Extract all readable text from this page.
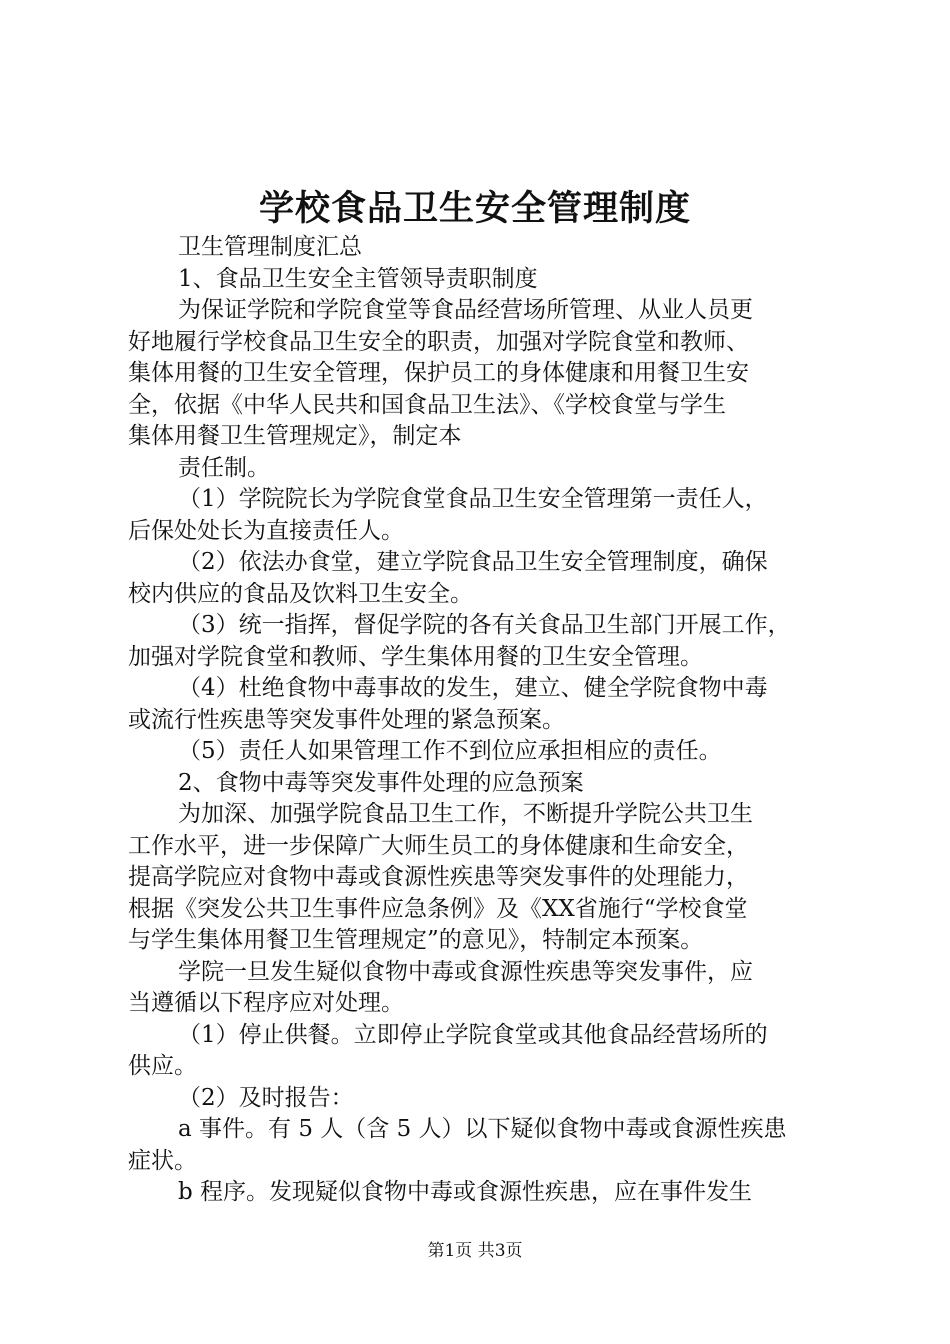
学校食品卫生安全管理制度

卫生管理制度汇总

1、食品卫生安全主管领导责职制度

为保证学院和学院食堂等食品经营场所管理、从业人员更

好地履行学校食品卫生安全的职责，加强对学院食堂和教师、

集体用餐的卫生安全管理，保护员工的身体健康和用餐卫生安

全，依据《中华人民共和国食品卫生法》、《学校食堂与学生

集体用餐卫生管理规定》，制定本

责任制。

（1）学院院长为学院食堂食品卫生安全管理第一责任人，

后保处处长为直接责任人。

（2）依法办食堂，建立学院食品卫生安全管理制度，确保

校内供应的食品及饮料卫生安全。

（3）统一指挥，督促学院的各有关食品卫生部门开展工作，

加强对学院食堂和教师、学生集体用餐的卫生安全管理。

（4）杜绝食物中毒事故的发生，建立、健全学院食物中毒

或流行性疾患等突发事件处理的紧急预案。

（5）责任人如果管理工作不到位应承担相应的责任。

2、食物中毒等突发事件处理的应急预案

为加深、加强学院食品卫生工作，不断提升学院公共卫生

工作水平，进一步保障广大师生员工的身体健康和生命安全，

提高学院应对食物中毒或食源性疾患等突发事件的处理能力，

根据《突发公共卫生事件应急条例》及《XX省施行“学校食堂

与学生集体用餐卫生管理规定”的意见》，特制定本预案。

学院一旦发生疑似食物中毒或食源性疾患等突发事件，应

当遵循以下程序应对处理。

（1）停止供餐。立即停止学院食堂或其他食品经营场所的

供应。

（2）及时报告：

a 事件。有 5 人（含 5 人）以下疑似食物中毒或食源性疾患

症状。

b 程序。发现疑似食物中毒或食源性疾患，应在事件发生

第1页 共3页
